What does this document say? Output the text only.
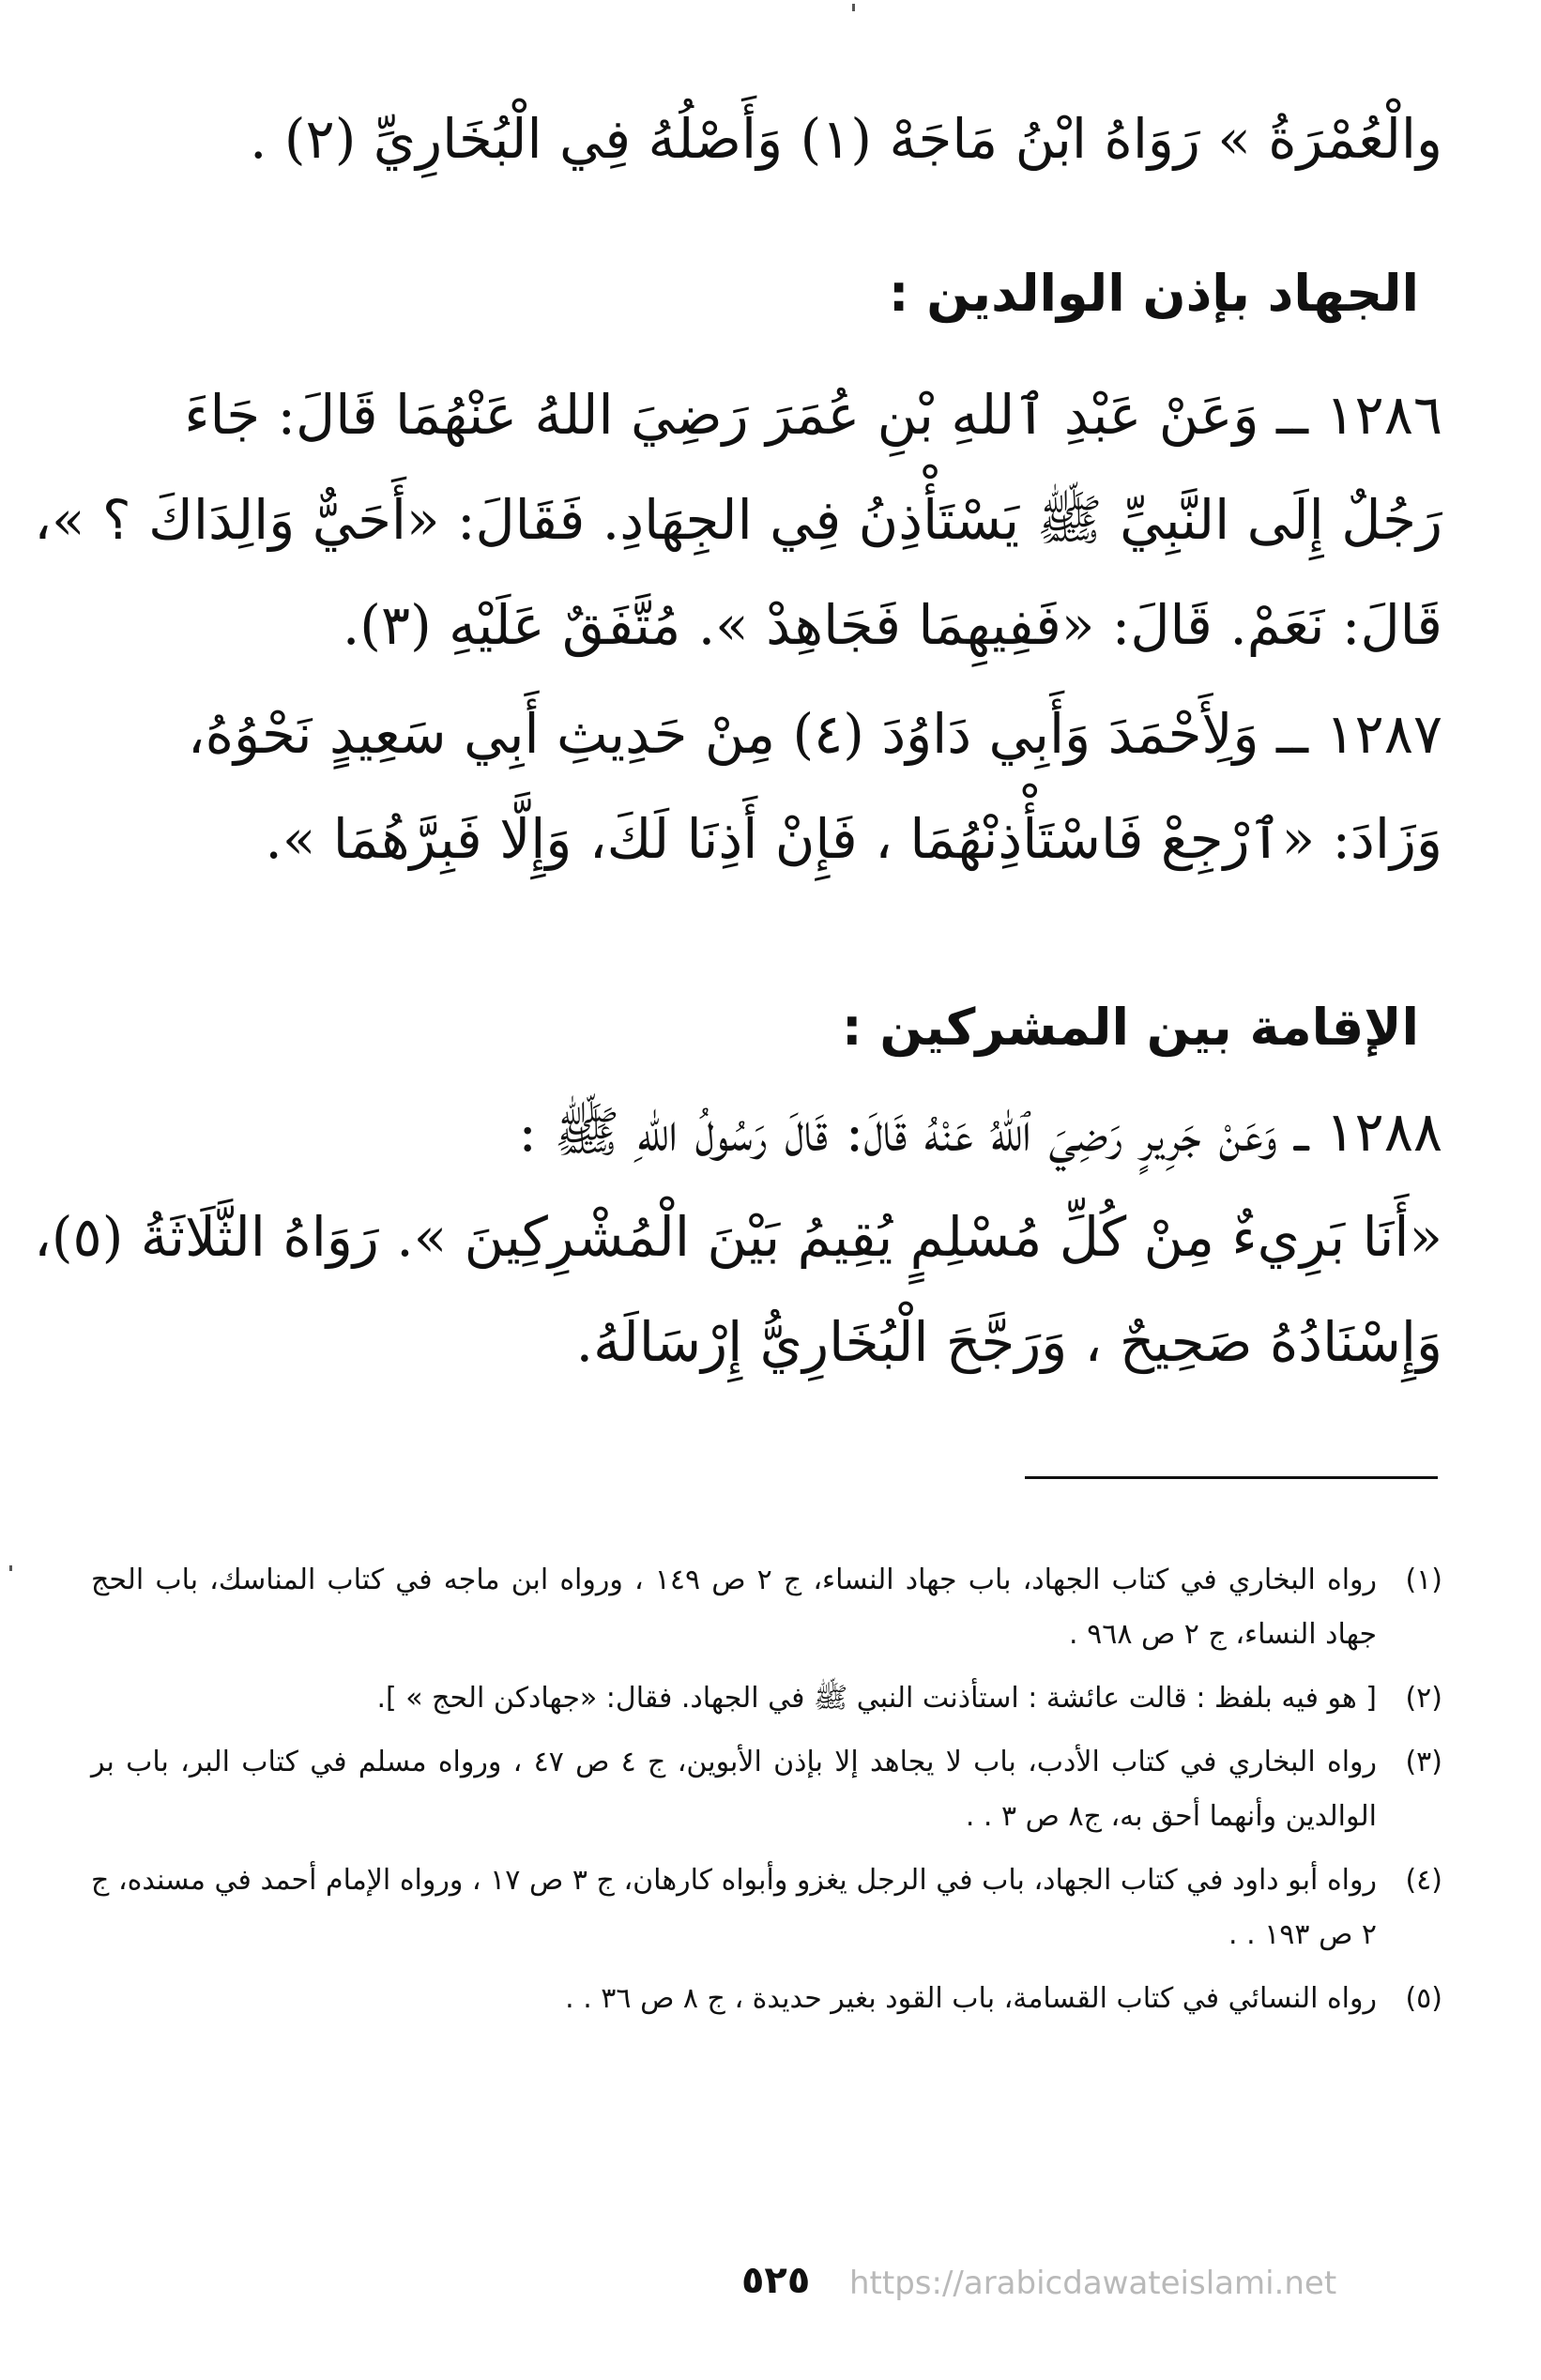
والْعُمْرَةُ » رَوَاهُ ابْنُ مَاجَهْ (١) وَأَصْلُهُ فِي الْبُخَارِيِّ (٢) .
الجهاد بإذن الوالدين :
١٢٨٦ ــ وَعَنْ عَبْدِ ٱللهِ بْنِ عُمَرَ رَضِيَ اللهُ عَنْهُمَا قَالَ: جَاءَ
رَجُلٌ إِلَى النَّبِيِّ ﷺ يَسْتَأْذِنُ فِي الجِهَادِ. فَقَالَ: «أَحَيٌّ وَالِدَاكَ ؟ »،
قَالَ: نَعَمْ. قَالَ: «فَفِيهِمَا فَجَاهِدْ ». مُتَّفَقٌ عَلَيْهِ (٣).
١٢٨٧ ــ وَلِأَحْمَدَ وَأَبِي دَاوُدَ (٤) مِنْ حَدِيثِ أَبِي سَعِيدٍ نَحْوُهُ،
وَزَادَ: «ٱرْجِعْ فَاسْتَأْذِنْهُمَا ، فَإِنْ أَذِنَا لَكَ، وَإِلَّا فَبِرَّهُمَا ».
الإقامة بين المشركين :
١٢٨٨ ــ وَعَنْ جَرِيرٍ رَضِيَ ٱللهُ عَنْهُ قَالَ: قَالَ رَسُولُ اللهِ ﷺ :
«أَنَا بَرِيءٌ مِنْ كُلِّ مُسْلِمٍ يُقِيمُ بَيْنَ الْمُشْرِكِينَ ». رَوَاهُ الثَّلَاثَةُ (٥)،
وَإِسْنَادُهُ صَحِيحٌ ، وَرَجَّحَ الْبُخَارِيُّ إِرْسَالَهُ.
(١)
رواه البخاري في كتاب الجهاد، باب جهاد النساء، ج ٢ ص ١٤٩ ، ورواه ابن ماجه في كتاب المناسك، باب الحج جهاد النساء، ج ٢ ص ٩٦٨ .
(٢)
[ هو فيه بلفظ : قالت عائشة : استأذنت النبي ﷺ في الجهاد. فقال: «جهادكن الحج » ].
(٣)
رواه البخاري في كتاب الأدب، باب لا يجاهد إلا بإذن الأبوين، ج ٤ ص ٤٧ ، ورواه مسلم في كتاب البر، باب بر الوالدين وأنهما أحق به، ج٨ ص ٣ . .
(٤)
رواه أبو داود في كتاب الجهاد، باب في الرجل يغزو وأبواه كارهان، ج ٣ ص ١٧ ، ورواه الإمام أحمد في مسنده، ج ٢ ص ١٩٣ . .
(٥)
رواه النسائي في كتاب القسامة، باب القود بغير حديدة ، ج ٨ ص ٣٦ . .
٥٢٥ https://arabicdawateislami.net
